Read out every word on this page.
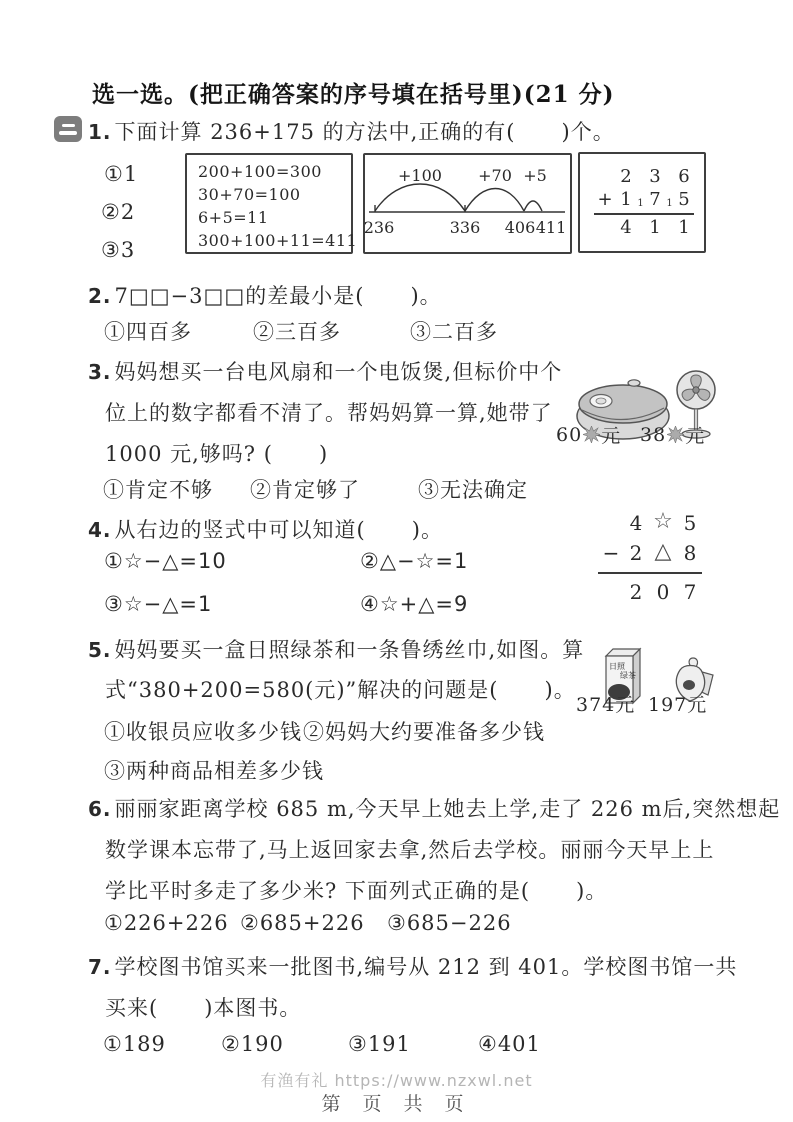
选一选。(把正确答案的序号填在括号里)(21 分)
1. 下面计算 236+175 的方法中,正确的有(      )个。
①1
②2
③3
200+100=300
30+70=100
6+5=11
300+100+11=411
+100 +70 +5
236	336 406 411
2 3 6
+ 1 1 7 1 5
4 1 1
2. 7□□−3□□的差最小是(      )。
①四百多	②三百多	③二百多
3. 妈妈想买一台电风扇和一个电饭煲,但标价中个
位上的数字都看不清了。帮妈妈算一算,她带了
1000 元,够吗? (      )

60 元 38 元
①肯定不够 ②肯定够了	③无法确定
4. 从右边的竖式中可以知道(      )。	4 ☆ 5
− 2 △ 8
2 0 7
①☆−△=10	②△−☆=1
③☆−△=1	④☆+△=9
5. 妈妈要买一盒日照绿茶和一条鲁绣丝巾,如图。算
式“380+200=580(元)”解决的问题是(      )。

日照
绿茶

374元 197元
①收银员应收多少钱 ②妈妈大约要准备多少钱
③两种商品相差多少钱
6. 丽丽家距离学校 685 m,今天早上她去上学,走了 226 m后,突然想起
数学课本忘带了,马上返回家去拿,然后去学校。丽丽今天早上上
学比平时多走了多少米? 下面列式正确的是(      )。
①226+226 ②685+226 ③685−226
7. 学校图书馆买来一批图书,编号从 212 到 401。学校图书馆一共
买来(      )本图书。
①189	②190	③191	④401
有渔有礼 https://www.nzxwl.net
第 页 共 页
